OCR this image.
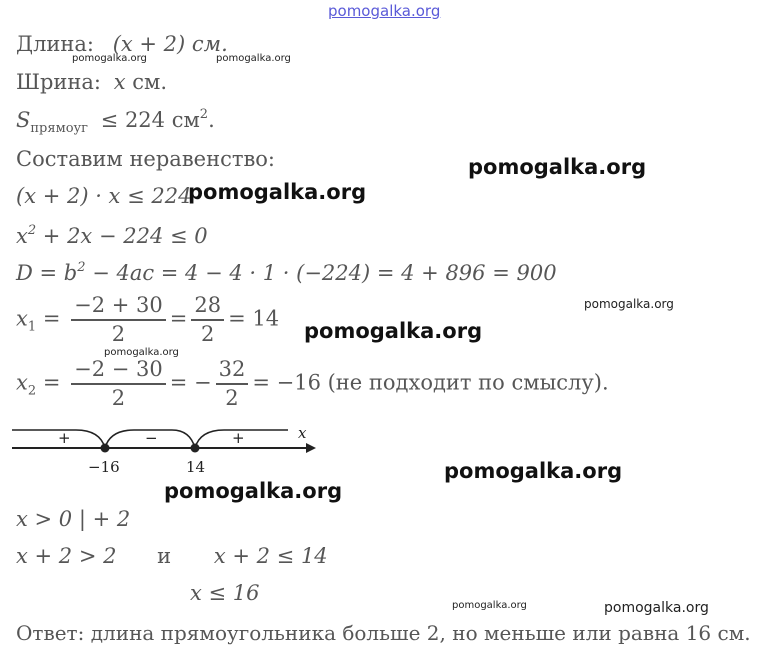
Длина: (x + 2) см.
Шрина: x см.
$S_{прямоуг} \le 224$ $см^2$.
Составим неравенство:
(x + 2) · x ≤ 224
$x^2 + 2x - 224 \le 0$
$D = b^2 - 4ac = 4 - 4 \cdot 1 \cdot (-224) = 4 + 896 = 900$
$x_1 = \frac{-2 + 30}{2} = \frac{28}{2} = 14$
$x_2 = \frac{-2 - 30}{2}$ = − $\frac{32}{2} = -16$ (не подходит по смыслу).
x
+	−	+
−16	14
x > 0 | + 2
x + 2 > 2 и x + 2 ≤ 14
x ≤ 16
Ответ: длина прямоугольника больше 2, но меньше или равна 16 см.
pomogalka.org
pomogalka.org	pomogalka.org
pomogalka.org
pomogalka.org
pomogalka.org
pomogalka.org
pomogalka.org
pomogalka.org
pomogalka.org
pomogalka.org	pomogalka.org
